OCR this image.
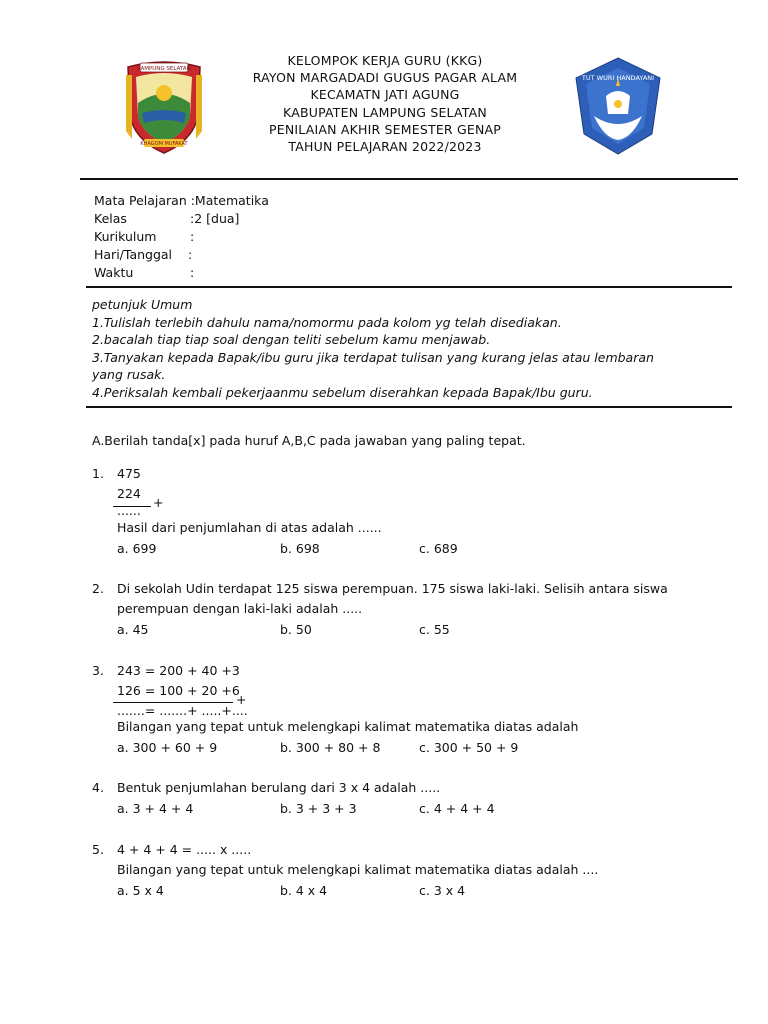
LAMPUNG SELATAN
KHAGOM MUFAKAT
TUT WURI HANDAYANI
KELOMPOK KERJA GURU (KKG)
RAYON MARGADADI GUGUS PAGAR ALAM
KECAMATN JATI AGUNG
KABUPATEN LAMPUNG SELATAN
PENILAIAN AKHIR SEMESTER GENAP
TAHUN PELAJARAN 2022/2023
Mata Pelajaran :Matematika
Kelas	:2 [dua]
Kurikulum	:
Hari/Tanggal :
Waktu	:
petunjuk Umum
1.Tulislah terlebih dahulu nama/nomormu pada kolom yg telah disediakan.
2.bacalah tiap tiap soal dengan teliti sebelum kamu menjawab.
3.Tanyakan kepada Bapak/ibu guru jika terdapat tulisan yang kurang jelas atau lembaran
yang rusak.
4.Periksalah kembali pekerjaanmu sebelum diserahkan kepada Bapak/Ibu guru.
A.Berilah tanda[x] pada huruf A,B,C pada jawaban yang paling tepat.
1. 475
224
+
......
Hasil dari penjumlahan di atas adalah ......
a. 699	b. 698	c. 689
2. Di sekolah Udin terdapat 125 siswa perempuan. 175 siswa laki-laki. Selisih antara siswa
perempuan dengan laki-laki adalah .....
a. 45	b. 50	c. 55
3. 243 = 200 + 40 +3
126 = 100 + 20 +6
+
.......= .......+ .....+....
Bilangan yang tepat untuk melengkapi kalimat matematika diatas adalah
a. 300 + 60 + 9	b. 300 + 80 + 8	c. 300 + 50 + 9
4. Bentuk penjumlahan berulang dari 3 x 4 adalah .....
a. 3 + 4 + 4	b. 3 + 3 + 3	c. 4 + 4 + 4
5. 4 + 4 + 4 = ..... x .....
Bilangan yang tepat untuk melengkapi kalimat matematika diatas adalah ....
a. 5 x 4	b. 4 x 4	c. 3 x 4
